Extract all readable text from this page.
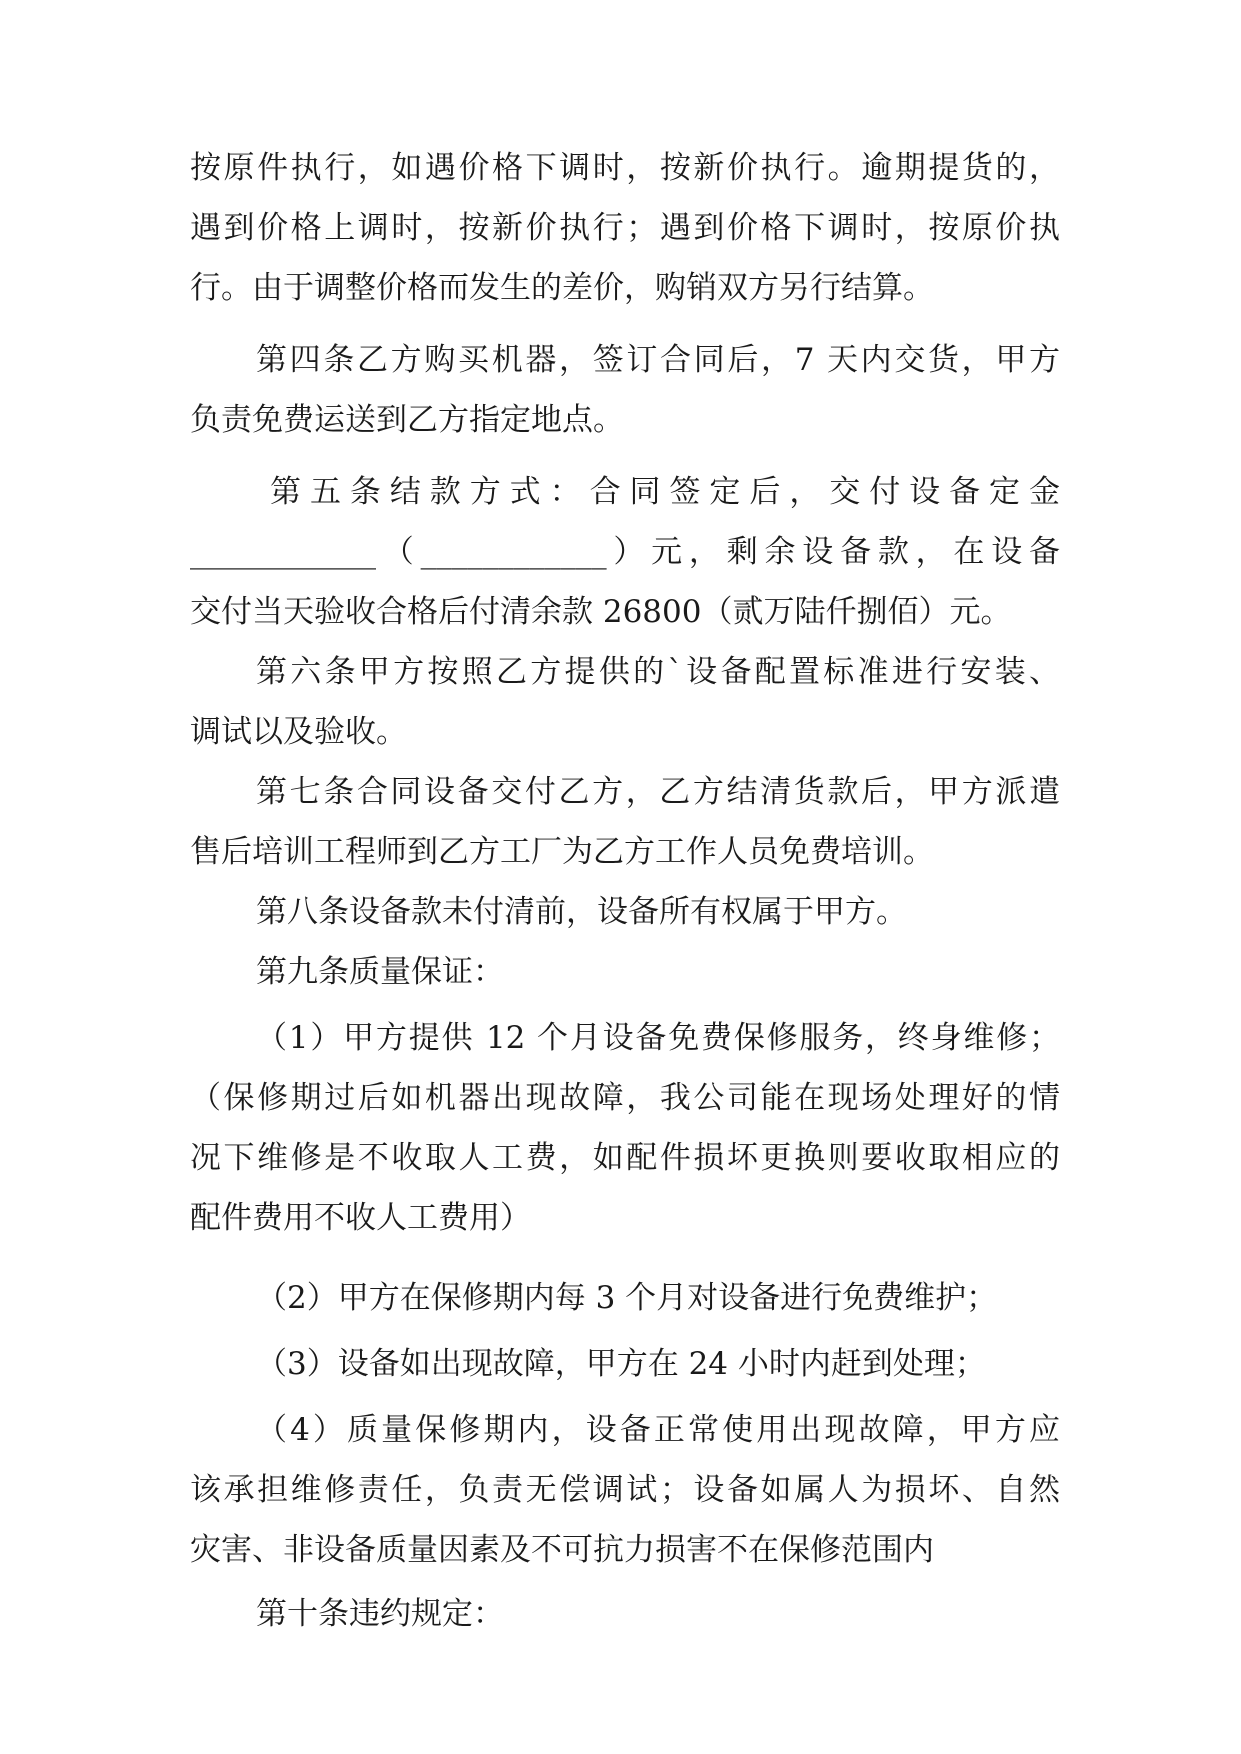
按原件执行，如遇价格下调时，按新价执行。逾期提货的，
遇到价格上调时，按新价执行；遇到价格下调时，按原价执
行。由于调整价格而发生的差价，购销双方另行结算。
第四条乙方购买机器，签订合同后，7 天内交货，甲方
负责免费运送到乙方指定地点。
第五条结款方式：合同签定后，交付设备定金
____________（____________）元，剩余设备款，在设备
交付当天验收合格后付清余款 26800（贰万陆仟捌佰）元。
第六条甲方按照乙方提供的`设备配置标准进行安装、
调试以及验收。
第七条合同设备交付乙方，乙方结清货款后，甲方派遣
售后培训工程师到乙方工厂为乙方工作人员免费培训。
第八条设备款未付清前，设备所有权属于甲方。
第九条质量保证：
（1）甲方提供 12 个月设备免费保修服务，终身维修；
（保修期过后如机器出现故障，我公司能在现场处理好的情
况下维修是不收取人工费，如配件损坏更换则要收取相应的
配件费用不收人工费用）
（2）甲方在保修期内每 3 个月对设备进行免费维护；
（3）设备如出现故障，甲方在 24 小时内赶到处理；
（4）质量保修期内，设备正常使用出现故障，甲方应
该承担维修责任，负责无偿调试；设备如属人为损坏、自然
灾害、非设备质量因素及不可抗力损害不在保修范围内
第十条违约规定：
